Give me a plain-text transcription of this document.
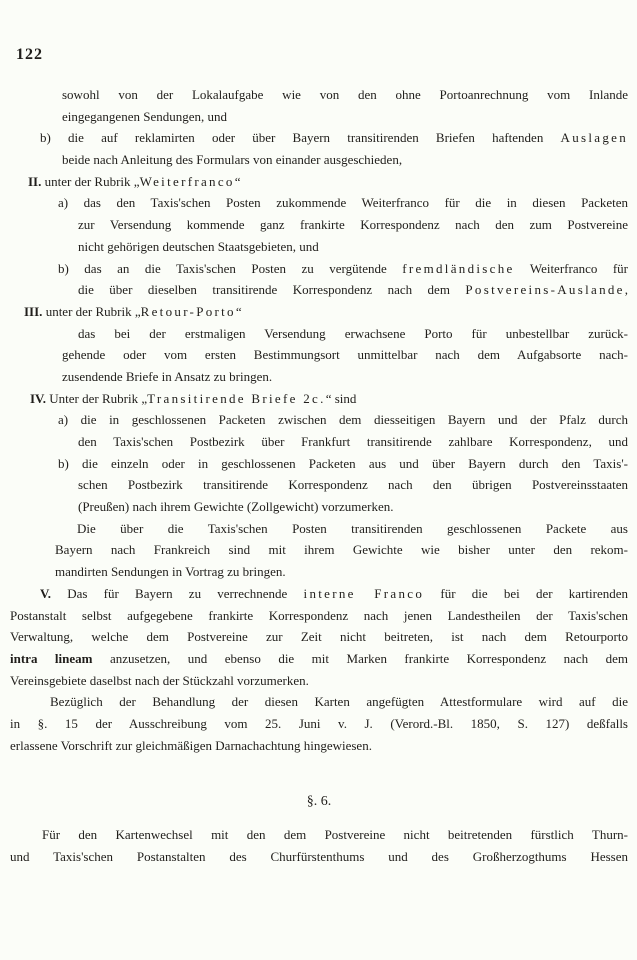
122
sowohl von der Lokalaufgabe wie von den ohne Portoanrechnung vom Inlande
eingegangenen Sendungen, und
b) die auf reklamirten oder über Bayern transitirenden Briefen haftenden Auslagen
beide nach Anleitung des Formulars von einander ausgeschieden,
II. unter der Rubrik „Weiterfranco“
a) das den Taxis'schen Posten zukommende Weiterfranco für die in diesen Packeten
zur Versendung kommende ganz frankirte Korrespondenz nach den zum Postvereine
nicht gehörigen deutschen Staatsgebieten, und
b) das an die Taxis'schen Posten zu vergütende fremdländische Weiterfranco für
die über dieselben transitirende Korrespondenz nach dem Postvereins-Auslande,
III. unter der Rubrik „Retour-Porto“
das bei der erstmaligen Versendung erwachsene Porto für unbestellbar zurück-
gehende oder vom ersten Bestimmungsort unmittelbar nach dem Aufgabsorte nach-
zusendende Briefe in Ansatz zu bringen.
IV. Unter der Rubrik „Transitirende Briefe 2c.“ sind
a) die in geschlossenen Packeten zwischen dem diesseitigen Bayern und der Pfalz durch
den Taxis'schen Postbezirk über Frankfurt transitirende zahlbare Korrespondenz, und
b) die einzeln oder in geschlossenen Packeten aus und über Bayern durch den Taxis'-
schen Postbezirk transitirende Korrespondenz nach den übrigen Postvereinsstaaten
(Preußen) nach ihrem Gewichte (Zollgewicht) vorzumerken.
Die über die Taxis'schen Posten transitirenden geschlossenen Packete aus
Bayern nach Frankreich sind mit ihrem Gewichte wie bisher unter den rekom-
mandirten Sendungen in Vortrag zu bringen.
V. Das für Bayern zu verrechnende interne Franco für die bei der kartirenden
Postanstalt selbst aufgegebene frankirte Korrespondenz nach jenen Landestheilen der Taxis'schen
Verwaltung, welche dem Postvereine zur Zeit nicht beitreten, ist nach dem Retourporto
intra lineam anzusetzen, und ebenso die mit Marken frankirte Korrespondenz nach dem
Vereinsgebiete daselbst nach der Stückzahl vorzumerken.
Bezüglich der Behandlung der diesen Karten angefügten Attestformulare wird auf die
in §. 15 der Ausschreibung vom 25. Juni v. J. (Verord.-Bl. 1850, S. 127) deßfalls
erlassene Vorschrift zur gleichmäßigen Darnachachtung hingewiesen.
§. 6.
Für den Kartenwechsel mit den dem Postvereine nicht beitretenden fürstlich Thurn-
und Taxis'schen Postanstalten des Churfürstenthums und des Großherzogthums Hessen
